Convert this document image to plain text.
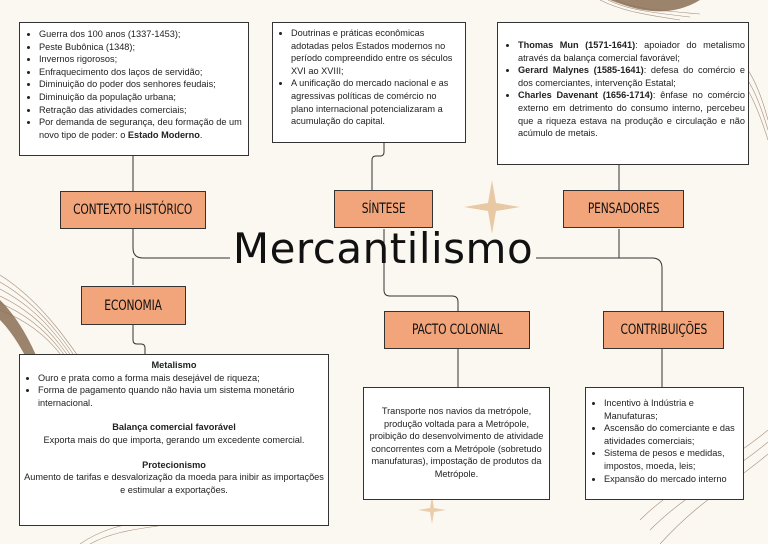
• Guerra dos 100 anos (1337-1453);
• Peste Bubônica (1348);
• Invernos rigorosos;
• Enfraquecimento dos laços de servidão;
• Diminuição do poder dos senhores feudais;
• Diminuição da população urbana;
• Retração das atividades comerciais;
• Por demanda de segurança, deu formação de um novo tipo de poder: o Estado Moderno.
• Doutrinas e práticas econômicas adotadas pelos Estados modernos no período compreendido entre os séculos XVI ao XVIII;
• A unificação do mercado nacional e as agressivas políticas de comércio no plano internacional potencializaram a acumulação do capital.
• Thomas Mun (1571-1641): apoiador do metalismo através da balança comercial favorável;
• Gerard Malynes (1585-1641): defesa do comércio e dos comerciantes, intervenção Estatal;
• Charles Davenant (1656-1714): ênfase no comércio externo em detrimento do consumo interno, percebeu que a riqueza estava na produção e circulação e não acúmulo de metais.
CONTEXTO HISTÓRICO	SÍNTESE	PENSADORES
ECONOMIA
PACTO COLONIAL	CONTRIBUIÇÕES
Mercantilismo
Metalismo
• Ouro e prata como a forma mais desejável de riqueza;
• Forma de pagamento quando não havia um sistema monetário internacional.
Balança comercial favorável
Exporta mais do que importa, gerando um excedente comercial.
Protecionismo
Aumento de tarifas e desvalorização da moeda para inibir as importações e estimular a exportações.
Transporte nos navios da metrópole, produção voltada para a Metrópole, proibição do desenvolvimento de atividade concorrentes com a Metrópole (sobretudo manufaturas), impostação de produtos da Metrópole.
• Incentivo à Indústria e Manufaturas;
• Ascensão do comerciante e das atividades comerciais;
• Sistema de pesos e medidas, impostos, moeda, leis;
• Expansão do mercado interno
